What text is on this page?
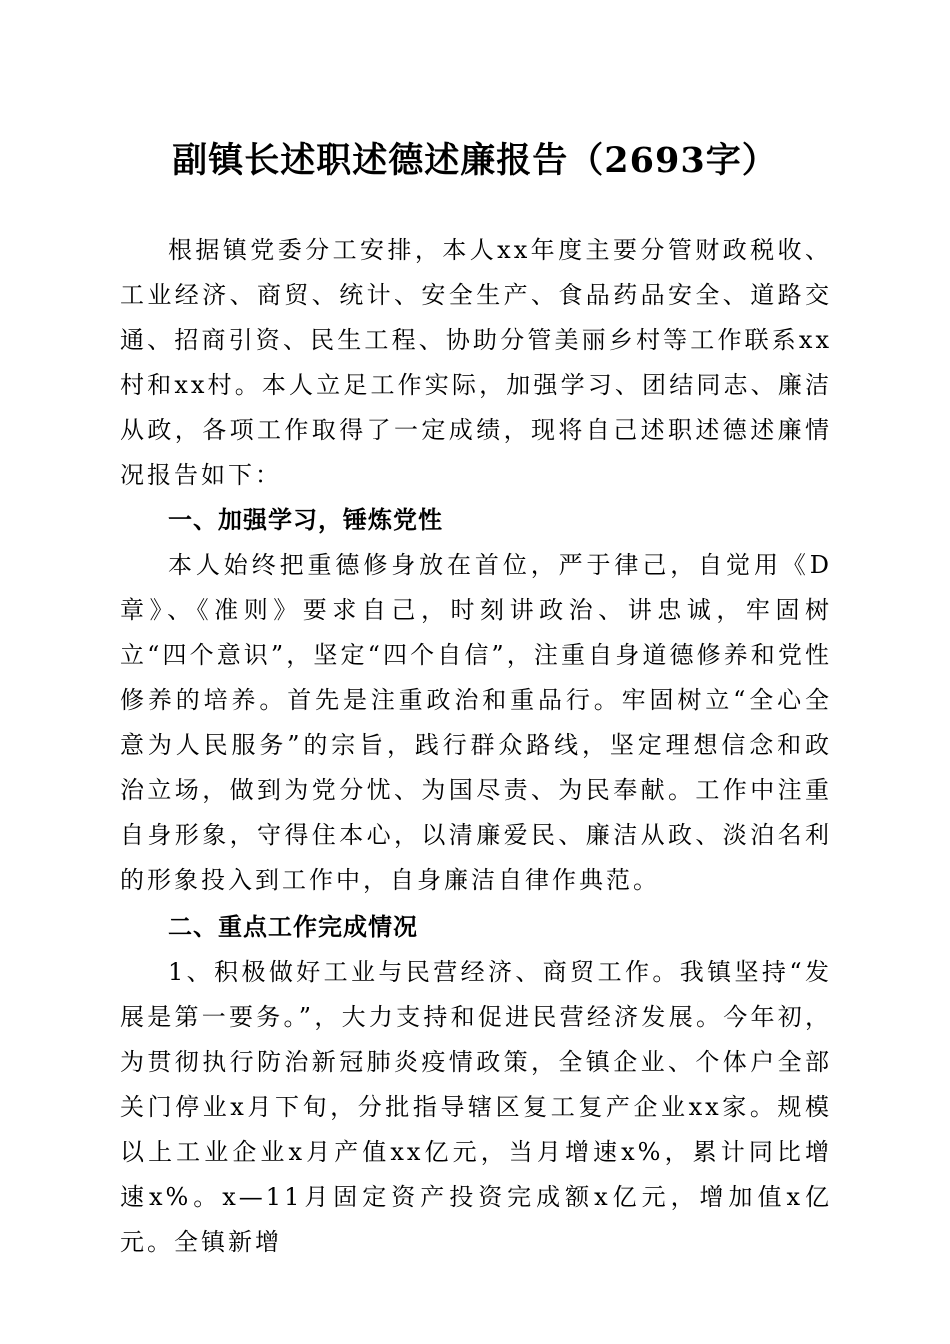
副镇长述职述德述廉报告（2693字）

根据镇党委分工安排，本人xx年度主要分管财政税收、工业经济、商贸、统计、安全生产、食品药品安全、道路交通、招商引资、民生工程、协助分管美丽乡村等工作联系xx村和xx村。本人立足工作实际，加强学习、团结同志、廉洁从政，各项工作取得了一定成绩，现将自己述职述德述廉情况报告如下：

一、加强学习，锤炼党性

本人始终把重德修身放在首位，严于律己，自觉用《D章》、《准则》要求自己，时刻讲政治、讲忠诚，牢固树立“四个意识”，坚定“四个自信”，注重自身道德修养和党性修养的培养。首先是注重政治和重品行。牢固树立“全心全意为人民服务”的宗旨，践行群众路线，坚定理想信念和政治立场，做到为党分忧、为国尽责、为民奉献。工作中注重自身形象，守得住本心，以清廉爱民、廉洁从政、淡泊名利的形象投入到工作中，自身廉洁自律作典范。

二、重点工作完成情况

1、积极做好工业与民营经济、商贸工作。我镇坚持“发展是第一要务。”，大力支持和促进民营经济发展。今年初，为贯彻执行防治新冠肺炎疫情政策，全镇企业、个体户全部关门停业x月下旬，分批指导辖区复工复产企业xx家。规模以上工业企业x月产值xx亿元，当月增速x%，累计同比增速x%。x—11月固定资产投资完成额x亿元，增加值x亿元。全镇新增
